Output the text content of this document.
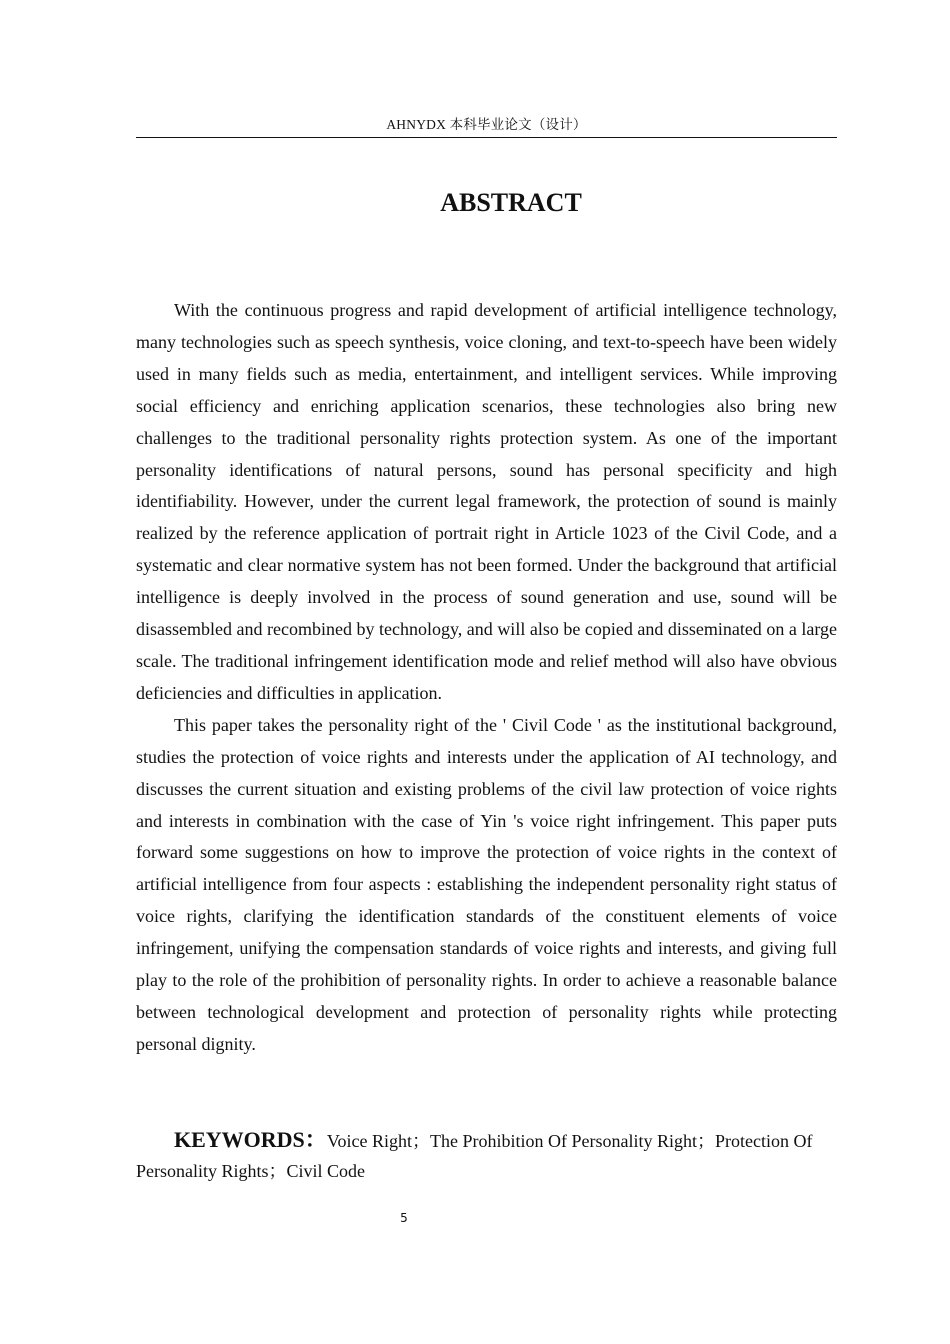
AHNYDX 本科毕业论文（设计）
ABSTRACT

With the continuous progress and rapid development of artificial intelligence technology, many technologies such as speech synthesis, voice cloning, and text-to-speech have been widely used in many fields such as media, entertainment, and intelligent services. While improving social efficiency and enriching application scenarios, these technologies also bring new challenges to the traditional personality rights protection system. As one of the important personality identifications of natural persons, sound has personal specificity and high identifiability. However, under the current legal framework, the protection of sound is mainly realized by the reference application of portrait right in Article 1023 of the Civil Code, and a systematic and clear normative system has not been formed. Under the background that artificial intelligence is deeply involved in the process of sound generation and use, sound will be disassembled and recombined by technology, and will also be copied and disseminated on a large scale. The traditional infringement identification mode and relief method will also have obvious deficiencies and difficulties in application.

This paper takes the personality right of the ' Civil Code ' as the institutional background, studies the protection of voice rights and interests under the application of AI technology, and discusses the current situation and existing problems of the civil law protection of voice rights and interests in combination with the case of Yin 's voice right infringement. This paper puts forward some suggestions on how to improve the protection of voice rights in the context of artificial intelligence from four aspects : establishing the independent personality right status of voice rights, clarifying the identification standards of the constituent elements of voice infringement, unifying the compensation standards of voice rights and interests, and giving full play to the role of the prohibition of personality rights. In order to achieve a reasonable balance between technological development and protection of personality rights while protecting personal dignity.

KEYWORDS：Voice Right；The Prohibition Of Personality Right；Protection Of Personality Rights；Civil Code
5
